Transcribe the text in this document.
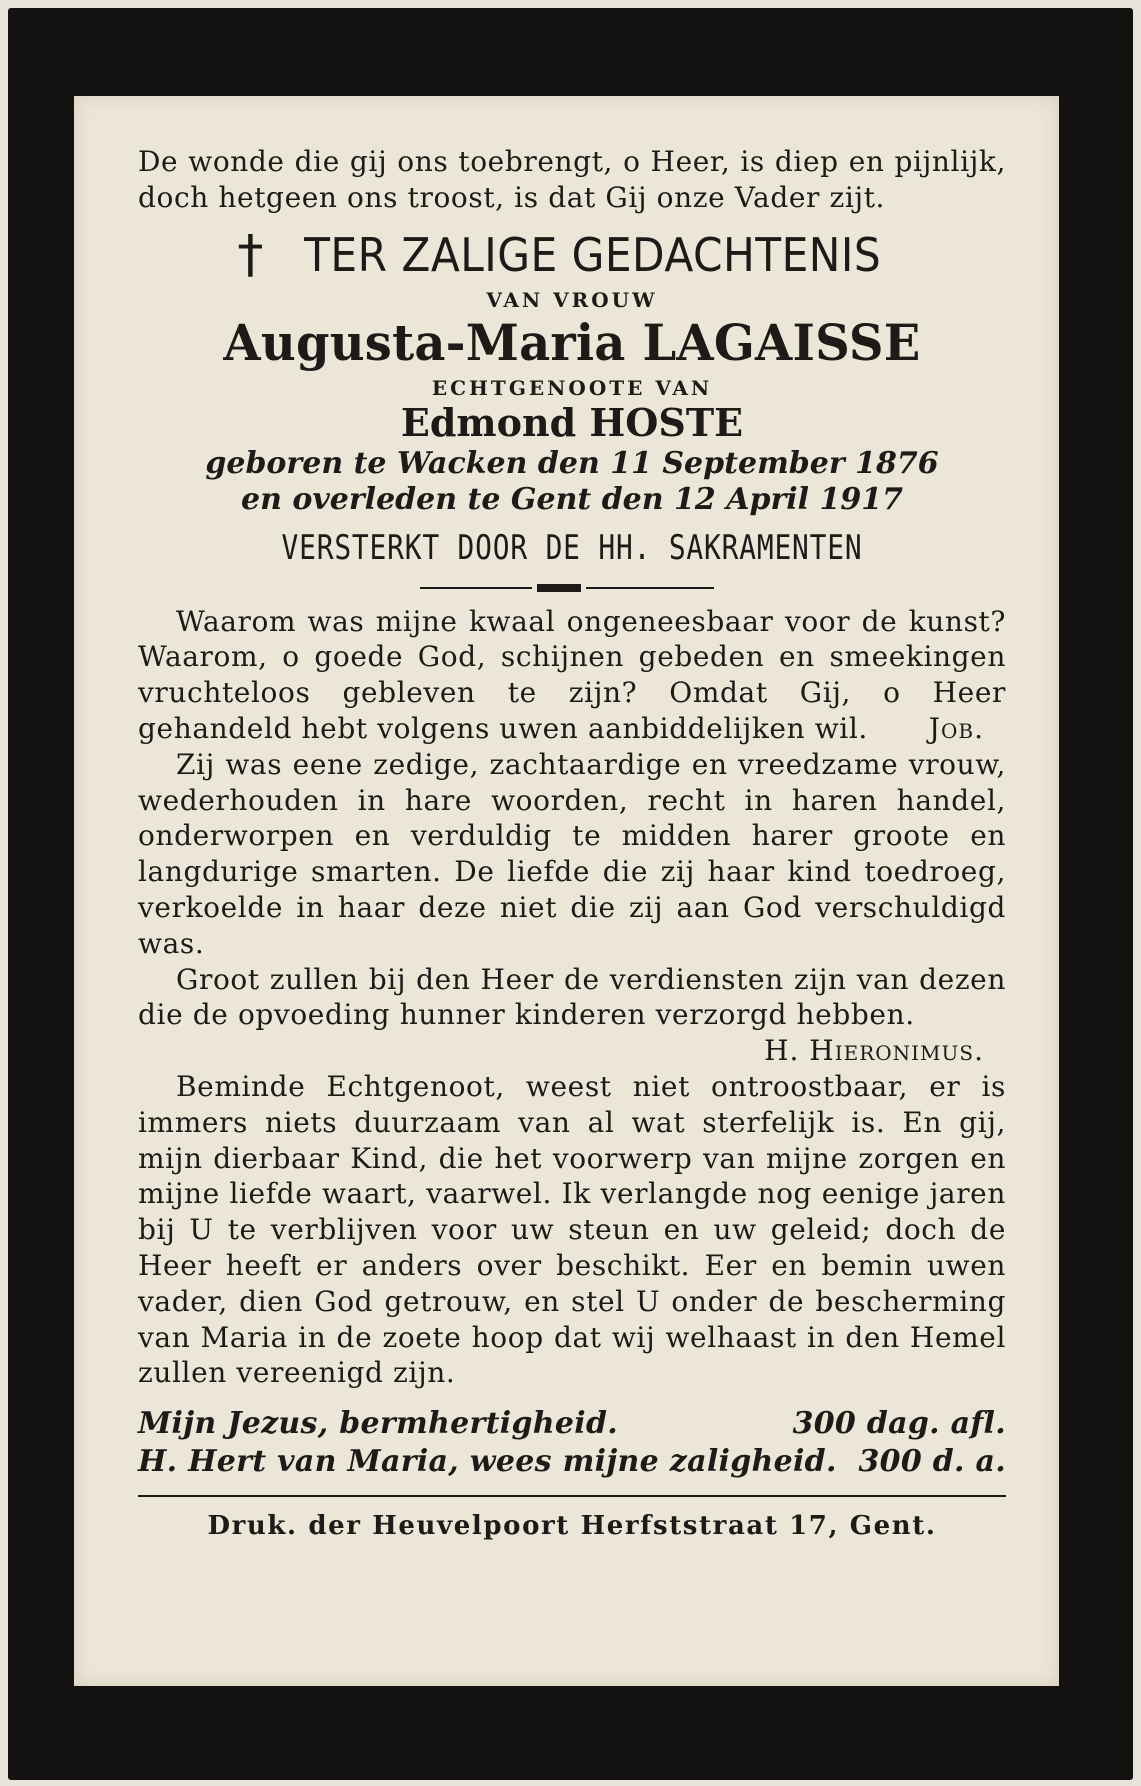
De wonde die gij ons toebrengt, o Heer, is diep en pijnlijk, doch hetgeen ons troost, is dat Gij onze Vader zijt.

† TER ZALIGE GEDACHTENIS

VAN VROUW

Augusta-Maria LAGAISSE

ECHTGENOOTE VAN

Edmond HOSTE

geboren te Wacken den 11 September 1876

en overleden te Gent den 12 April 1917

VERSTERKT DOOR DE HH. SAKRAMENTEN

Waarom was mijne kwaal ongeneesbaar voor de kunst? Waarom, o goede God, schijnen gebeden en smeekingen vruchteloos gebleven te zijn? Omdat Gij, o Heer gehandeld hebt volgens uwen aanbiddelijken wil. Job.

Zij was eene zedige, zachtaardige en vreedzame vrouw, wederhouden in hare woorden, recht in haren handel, onderworpen en verduldig te midden harer groote en langdurige smarten. De liefde die zij haar kind toedroeg, verkoelde in haar deze niet die zij aan God verschuldigd was.

Groot zullen bij den Heer de verdiensten zijn van dezen die de opvoeding hunner kinderen verzorgd hebben.
H. Hieronimus.

Beminde Echtgenoot, weest niet ontroostbaar, er is immers niets duurzaam van al wat sterfelijk is. En gij, mijn dierbaar Kind, die het voorwerp van mijne zorgen en mijne liefde waart, vaarwel. Ik verlangde nog eenige jaren bij U te verblijven voor uw steun en uw geleid; doch de Heer heeft er anders over beschikt. Eer en bemin uwen vader, dien God getrouw, en stel U onder de bescherming van Maria in de zoete hoop dat wij welhaast in den Hemel zullen vereenigd zijn.

Mijn Jezus, bermhertigheid.	300 dag. afl.

H. Hert van Maria, wees mijne zaligheid. 300 d. a.

Druk. der Heuvelpoort Herfststraat 17, Gent.
